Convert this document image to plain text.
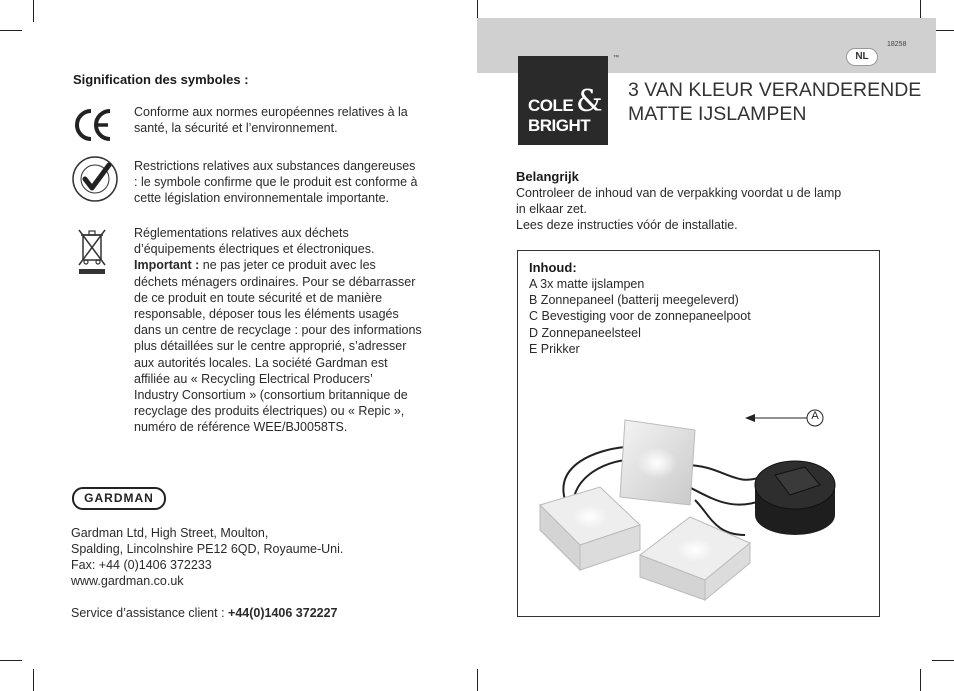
Signification des symboles :
Conforme aux normes européennes relatives à la
santé, la sécurité et l’environnement.
Restrictions relatives aux substances dangereuses
: le symbole confirme que le produit est conforme à
cette législation environnementale importante.
Réglementations relatives aux déchets
d’équipements électriques et électroniques.
Important : ne pas jeter ce produit avec les
déchets ménagers ordinaires. Pour se débarrasser
de ce produit en toute sécurité et de manière
responsable, déposer tous les éléments usagés
dans un centre de recyclage : pour des informations
plus détaillées sur le centre approprié, s’adresser
aux autorités locales. La société Gardman est
affiliée au « Recycling Electrical Producers’
Industry Consortium » (consortium britannique de
recyclage des produits électriques) ou « Repic »,
numéro de référence WEE/BJ0058TS.
GARDMAN
Gardman Ltd, High Street, Moulton,
Spalding, Lincolnshire PE12 6QD, Royaume-Uni.
Fax: +44 (0)1406 372233
www.gardman.co.uk
Service d’assistance client : +44(0)1406 372227
18258
NL
COLE &
BRIGHT
™
3 VAN KLEUR VERANDERENDE
MATTE IJSLAMPEN
Belangrijk
Controleer de inhoud van de verpakking voordat u de lamp
in elkaar zet.
Lees deze instructies vóór de installatie.
Inhoud:
A 3x matte ijslampen
B Zonnepaneel (batterij meegeleverd)
C Bevestiging voor de zonnepaneelpoot
D Zonnepaneelsteel
E Prikker
A
